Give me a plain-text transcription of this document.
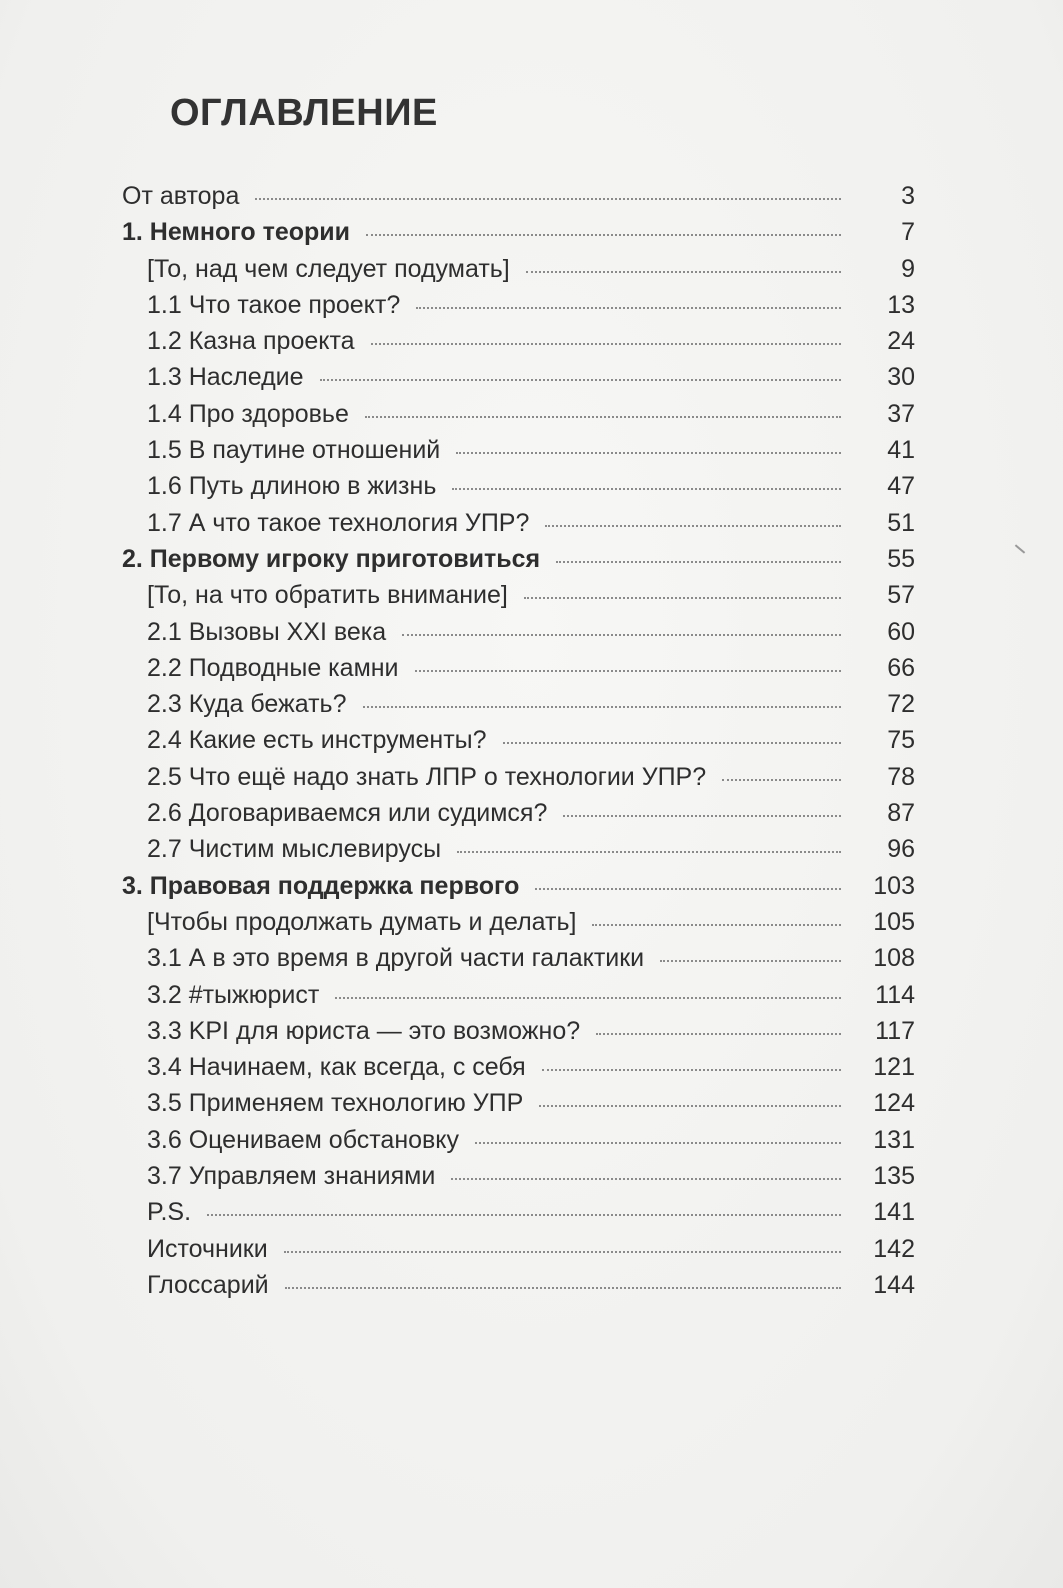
ОГЛАВЛЕНИЕ
От автора	3
1. Немного теории	7
[То, над чем следует подумать]	9
1.1 Что такое проект?	13
1.2 Казна проекта	24
1.3 Наследие	30
1.4 Про здоровье	37
1.5 В паутине отношений	41
1.6 Путь длиною в жизнь	47
1.7 А что такое технология УПР?	51
2. Первому игроку приготовиться	55
[То, на что обратить внимание]	57
2.1 Вызовы XXI века	60
2.2 Подводные камни	66
2.3 Куда бежать?	72
2.4 Какие есть инструменты?	75
2.5 Что ещё надо знать ЛПР о технологии УПР?	78
2.6 Договариваемся или судимся?	87
2.7 Чистим мыслевирусы	96
3. Правовая поддержка первого	103
[Чтобы продолжать думать и делать]	105
3.1 А в это время в другой части галактики	108
3.2 #тыжюрист	114
3.3 KPI для юриста — это возможно?	117
3.4 Начинаем, как всегда, с себя	121
3.5 Применяем технологию УПР	124
3.6 Оцениваем обстановку	131
3.7 Управляем знаниями	135
P.S.	141
Источники	142
Глоссарий	144
